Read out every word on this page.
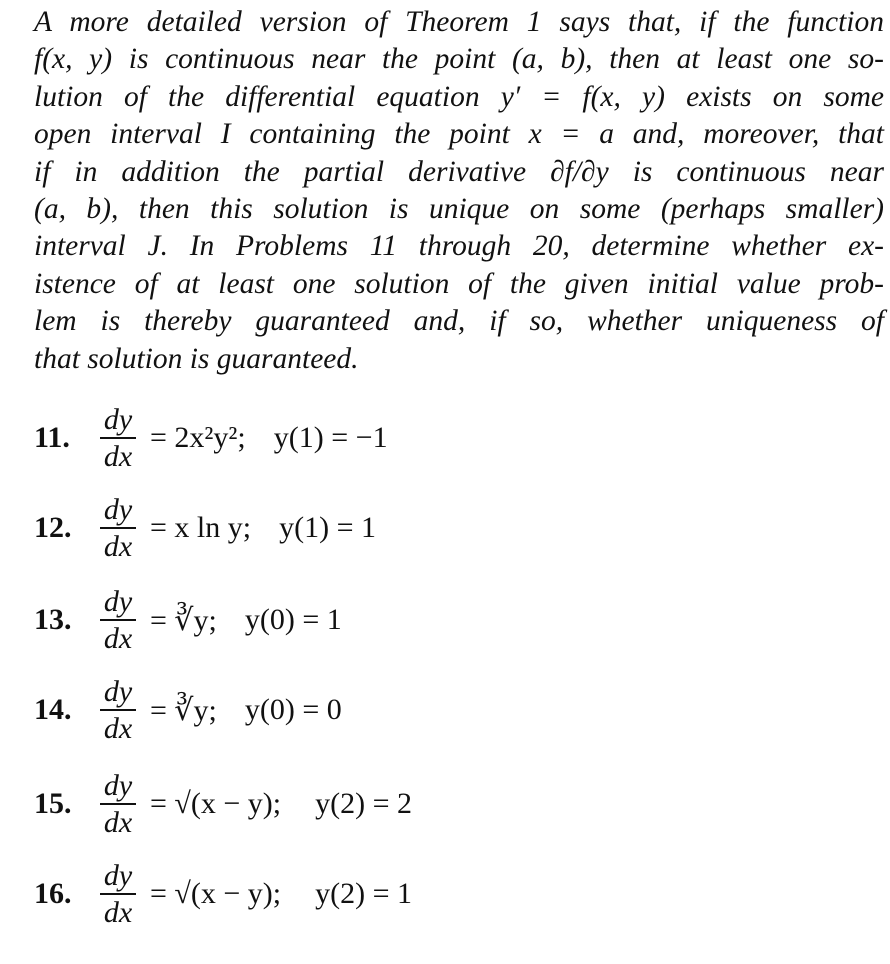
A more detailed version of Theorem 1 says that, if the function
f(x, y) is continuous near the point (a, b), then at least one so-
lution of the differential equation y′ = f(x, y) exists on some
open interval I containing the point x = a and, moreover, that
if in addition the partial derivative ∂f/∂y is continuous near
(a, b), then this solution is unique on some (perhaps smaller)
interval J. In Problems 11 through 20, determine whether ex-
istence of at least one solution of the given initial value prob-
lem is thereby guaranteed and, if so, whether uniqueness of
that solution is guaranteed.
11. $\frac{dy}{dx} = 2x^2y^2$; y(1) = −1
12. $\frac{dy}{dx} = x$ ln y; y(1) = 1
13. $\frac{dy}{dx}$ = ∛y; y(0) = 1
14. $\frac{dy}{dx}$ = ∛y; y(0) = 0
15. $\frac{dy}{dx} = √(x - y)$; y(2) = 2
16. $\frac{dy}{dx} = √(x - y)$; y(2) = 1
